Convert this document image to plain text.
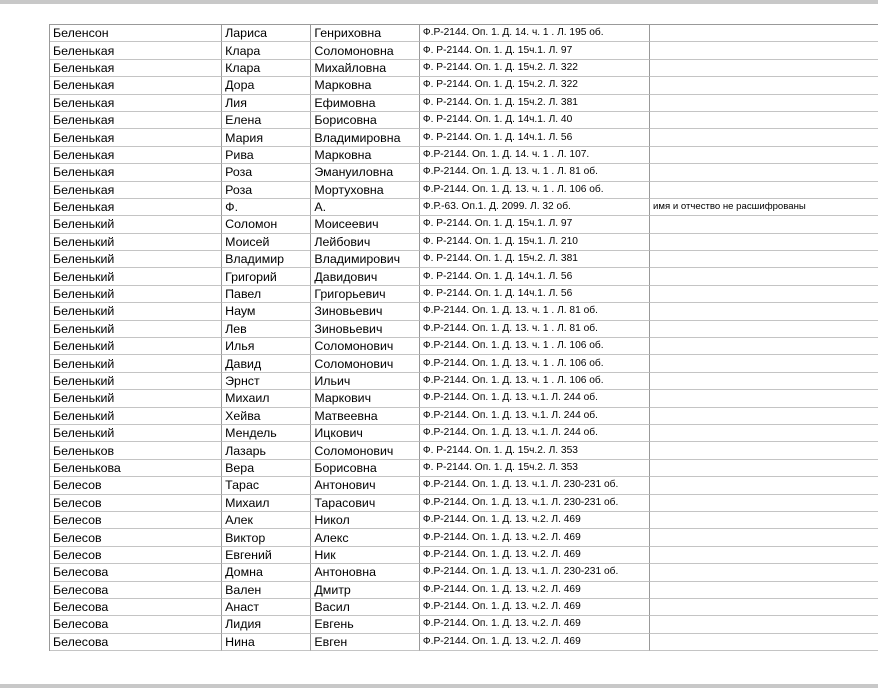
Беленсон	Лариса	Генриховна	Ф.Р-2144. Оп. 1. Д. 14. ч. 1 . Л. 195 об.	
Беленькая	Клара	Соломоновна	Ф. Р-2144. Оп. 1. Д. 15ч.1. Л. 97	
Беленькая	Клара	Михайловна	Ф. Р-2144. Оп. 1. Д. 15ч.2. Л. 322	
Беленькая	Дора	Марковна	Ф. Р-2144. Оп. 1. Д. 15ч.2. Л. 322	
Беленькая	Лия	Ефимовна	Ф. Р-2144. Оп. 1. Д. 15ч.2. Л. 381	
Беленькая	Елена	Борисовна	Ф. Р-2144. Оп. 1. Д. 14ч.1. Л. 40	
Беленькая	Мария	Владимировна	Ф. Р-2144. Оп. 1. Д. 14ч.1. Л. 56	
Беленькая	Рива	Марковна	Ф.Р-2144. Оп. 1. Д. 14. ч. 1 . Л. 107.	
Беленькая	Роза	Эмануиловна	Ф.Р-2144. Оп. 1. Д. 13. ч. 1 . Л. 81 об.	
Беленькая	Роза	Мортуховна	Ф.Р-2144. Оп. 1. Д. 13. ч. 1 . Л. 106 об.	
Беленькая	Ф.	А.	Ф.Р.-63. Оп.1. Д. 2099. Л. 32 об.	имя и отчество не расшифрованы
Беленький	Соломон	Моисеевич	Ф. Р-2144. Оп. 1. Д. 15ч.1. Л. 97	
Беленький	Моисей	Лейбович	Ф. Р-2144. Оп. 1. Д. 15ч.1. Л. 210	
Беленький	Владимир	Владимирович	Ф. Р-2144. Оп. 1. Д. 15ч.2. Л. 381	
Беленький	Григорий	Давидович	Ф. Р-2144. Оп. 1. Д. 14ч.1. Л. 56	
Беленький	Павел	Григорьевич	Ф. Р-2144. Оп. 1. Д. 14ч.1. Л. 56	
Беленький	Наум	Зиновьевич	Ф.Р-2144. Оп. 1. Д. 13. ч. 1 . Л. 81 об.	
Беленький	Лев	Зиновьевич	Ф.Р-2144. Оп. 1. Д. 13. ч. 1 . Л. 81 об.	
Беленький	Илья	Соломонович	Ф.Р-2144. Оп. 1. Д. 13. ч. 1 . Л. 106 об.	
Беленький	Давид	Соломонович	Ф.Р-2144. Оп. 1. Д. 13. ч. 1 . Л. 106 об.	
Беленький	Эрнст	Ильич	Ф.Р-2144. Оп. 1. Д. 13. ч. 1 . Л. 106 об.	
Беленький	Михаил	Маркович	Ф.Р-2144. Оп. 1. Д. 13. ч.1. Л. 244 об.	
Беленький	Хейва	Матвеевна	Ф.Р-2144. Оп. 1. Д. 13. ч.1. Л. 244 об.	
Беленький	Мендель	Ицкович	Ф.Р-2144. Оп. 1. Д. 13. ч.1. Л. 244 об.	
Беленьков	Лазарь	Соломонович	Ф. Р-2144. Оп. 1. Д. 15ч.2. Л. 353	
Беленькова	Вера	Борисовна	Ф. Р-2144. Оп. 1. Д. 15ч.2. Л. 353	
Белесов	Тарас	Антонович	Ф.Р-2144. Оп. 1. Д. 13. ч.1. Л. 230-231 об.	
Белесов	Михаил	Тарасович	Ф.Р-2144. Оп. 1. Д. 13. ч.1. Л. 230-231 об.	
Белесов	Алек	Никол	Ф.Р-2144. Оп. 1. Д. 13. ч.2. Л. 469	
Белесов	Виктор	Алекс	Ф.Р-2144. Оп. 1. Д. 13. ч.2. Л. 469	
Белесов	Евгений	Ник	Ф.Р-2144. Оп. 1. Д. 13. ч.2. Л. 469	
Белесова	Домна	Антоновна	Ф.Р-2144. Оп. 1. Д. 13. ч.1. Л. 230-231 об.	
Белесова	Вален	Дмитр	Ф.Р-2144. Оп. 1. Д. 13. ч.2. Л. 469	
Белесова	Анаст	Васил	Ф.Р-2144. Оп. 1. Д. 13. ч.2. Л. 469	
Белесова	Лидия	Евгень	Ф.Р-2144. Оп. 1. Д. 13. ч.2. Л. 469	
Белесова	Нина	Евген	Ф.Р-2144. Оп. 1. Д. 13. ч.2. Л. 469	
